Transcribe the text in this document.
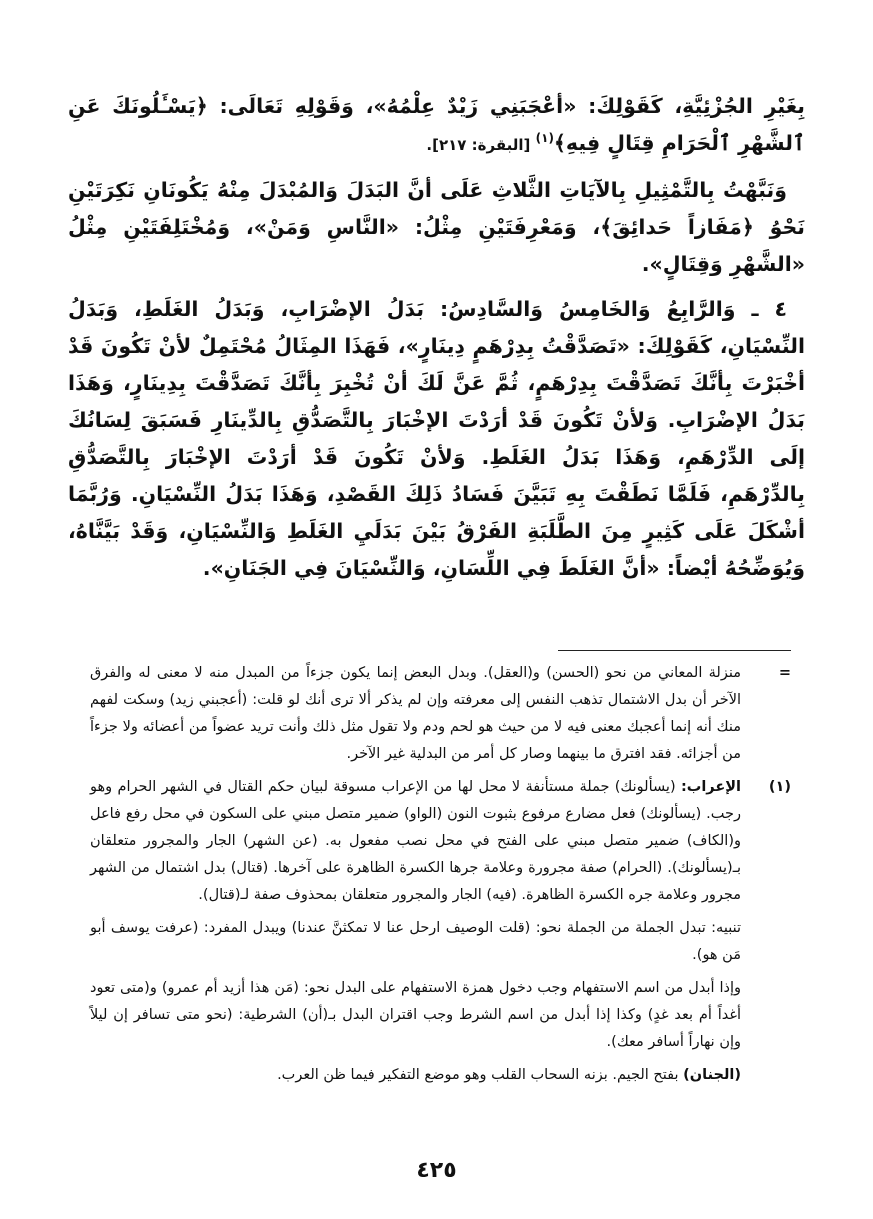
بِغَيْرِ الجُزْئِيَّةِ، كَقَوْلِكَ: «أعْجَبَنِي زَيْدٌ عِلْمُهُ»، وَقَوْلِهِ تَعَالَى: ﴿يَسْـَٔلُونَكَ عَنِ ٱلشَّهْرِ ٱلْحَرَامِ قِتَالٍ فِيهِ﴾$^{(١)}$ [البقرة: ٢١٧].

وَنَبَّهْتُ بِالتَّمْثِيلِ بِالآيَاتِ الثَّلاثِ عَلَى أنَّ البَدَلَ وَالمُبْدَلَ مِنْهُ يَكُونَانِ نَكِرَتَيْنِ نَحْوُ ﴿مَفَازاً حَدائِقَ﴾، وَمَعْرِفَتَيْنِ مِثْلُ: «النَّاسِ وَمَنْ»، وَمُخْتَلِفَتَيْنِ مِثْلُ «الشَّهْرِ وَقِتَالٍ».

٤ ـ وَالرَّابِعُ وَالخَامِسُ وَالسَّادِسُ: بَدَلُ الإضْرَابِ، وَبَدَلُ الغَلَطِ، وَبَدَلُ النِّسْيَانِ، كَقَوْلِكَ: «تَصَدَّقْتُ بِدِرْهَمٍ دِينَارٍ»، فَهَذَا المِثَالُ مُحْتَمِلٌ لأنْ تَكُونَ قَدْ أخْبَرْتَ بِأنَّكَ تَصَدَّقْتَ بِدِرْهَمٍ، ثُمَّ عَنَّ لَكَ أنْ تُخْبِرَ بِأنَّكَ تَصَدَّقْتَ بِدِينَارٍ، وَهَذَا بَدَلُ الإضْرَابِ. وَلأنْ تَكُونَ قَدْ أرَدْتَ الإخْبَارَ بِالتَّصَدُّقِ بِالدِّينَارِ فَسَبَقَ لِسَانُكَ إلَى الدِّرْهَمِ، وَهَذَا بَدَلُ الغَلَطِ. وَلأنْ تَكُونَ قَدْ أرَدْتَ الإخْبَارَ بِالتَّصَدُّقِ بِالدِّرْهَمِ، فَلَمَّا نَطَقْتَ بِهِ تَبَيَّنَ فَسَادُ ذَلِكَ القَصْدِ، وَهَذَا بَدَلُ النِّسْيَانِ. وَرُبَّمَا أشْكَلَ عَلَى كَثِيرٍ مِنَ الطَّلَبَةِ الفَرْقُ بَيْنَ بَدَلَيِ الغَلَطِ وَالنِّسْيَانِ، وَقَدْ بَيَّنَّاهُ، وَيُوَضِّحُهُ أيْضاً: «أنَّ الغَلَطَ فِي اللِّسَانِ، وَالنِّسْيَانَ فِي الجَنَانِ».

=
منزلة المعاني من نحو (الحسن) و(العقل). وبدل البعض إنما يكون جزءاً من المبدل منه لا معنى له والفرق الآخر أن بدل الاشتمال تذهب النفس إلى معرفته وإن لم يذكر ألا ترى أنك لو قلت: (أعجبني زيد) وسكت لفهم منك أنه إنما أعجبك معنى فيه لا من حيث هو لحم ودم ولا تقول مثل ذلك وأنت تريد عضواً من أعضائه ولا جزءاً من أجزائه. فقد افترق ما بينهما وصار كل أمر من البدلية غير الآخر.
(١)
الإعراب: (يسألونك) جملة مستأنفة لا محل لها من الإعراب مسوقة لبيان حكم القتال في الشهر الحرام وهو رجب. (يسألونك) فعل مضارع مرفوع بثبوت النون (الواو) ضمير متصل مبني على السكون في محل رفع فاعل و(الكاف) ضمير متصل مبني على الفتح في محل نصب مفعول به. (عن الشهر) الجار والمجرور متعلقان بـ(يسألونك). (الحرام) صفة مجرورة وعلامة جرها الكسرة الظاهرة على آخرها. (قتال) بدل اشتمال من الشهر مجرور وعلامة جره الكسرة الظاهرة. (فيه) الجار والمجرور متعلقان بمحذوف صفة لـ(قتال).
تنبيه: تبدل الجملة من الجملة نحو: (قلت الوصيف ارحل عنا لا تمكثنَّ عندنا) ويبدل المفرد: (عرفت يوسف أبو مَن هو).
وإذا أبدل من اسم الاستفهام وجب دخول همزة الاستفهام على البدل نحو: (مَن هذا أزيد أم عمرو) و(متى تعود أغداً أم بعد غدٍ) وكذا إذا أبدل من اسم الشرط وجب اقتران البدل بـ(أن) الشرطية: (نحو متى تسافر إن ليلاً وإن نهاراً أسافر معك).
(الجنان) بفتح الجيم. بزنه السحاب القلب وهو موضع التفكير فيما ظن العرب.
٤٢٥
